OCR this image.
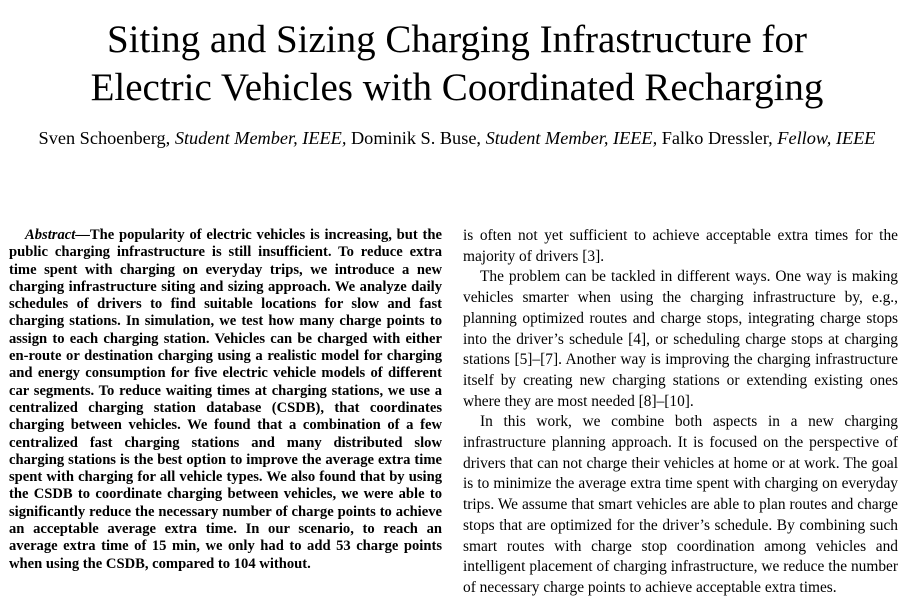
Siting and Sizing Charging Infrastructure for
Electric Vehicles with Coordinated Recharging
Sven Schoenberg, Student Member, IEEE, Dominik S. Buse, Student Member, IEEE, Falko Dressler, Fellow, IEEE

Abstract—The popularity of electric vehicles is increasing, but the public charging infrastructure is still insufficient. To reduce extra time spent with charging on everyday trips, we introduce a new charging infrastructure siting and sizing approach. We analyze daily schedules of drivers to find suitable locations for slow and fast charging stations. In simulation, we test how many charge points to assign to each charging station. Vehicles can be charged with either en-route or destination charging using a realistic model for charging and energy consumption for five electric vehicle models of different car segments. To reduce waiting times at charging stations, we use a centralized charging station database (CSDB), that coordinates charging between vehicles. We found that a combination of a few centralized fast charging stations and many distributed slow charging stations is the best option to improve the average extra time spent with charging for all vehicle types. We also found that by using the CSDB to coordinate charging between vehicles, we were able to significantly reduce the necessary number of charge points to achieve an acceptable average extra time. In our scenario, to reach an average extra time of 15 min, we only had to add 53 charge points when using the CSDB, compared to 104 without.

is often not yet sufficient to achieve acceptable extra times for the majority of drivers [3].

The problem can be tackled in different ways. One way is making vehicles smarter when using the charging infrastructure by, e.g., planning optimized routes and charge stops, integrating charge stops into the driver’s schedule [4], or scheduling charge stops at charging stations [5]–[7]. Another way is improving the charging infrastructure itself by creating new charging stations or extending existing ones where they are most needed [8]–[10].

In this work, we combine both aspects in a new charging infrastructure planning approach. It is focused on the perspective of drivers that can not charge their vehicles at home or at work. The goal is to minimize the average extra time spent with charging on everyday trips. We assume that smart vehicles are able to plan routes and charge stops that are optimized for the driver’s schedule. By combining such smart routes with charge stop coordination among vehicles and intelligent placement of charging infrastructure, we reduce the number of necessary charge points to achieve acceptable extra times.
